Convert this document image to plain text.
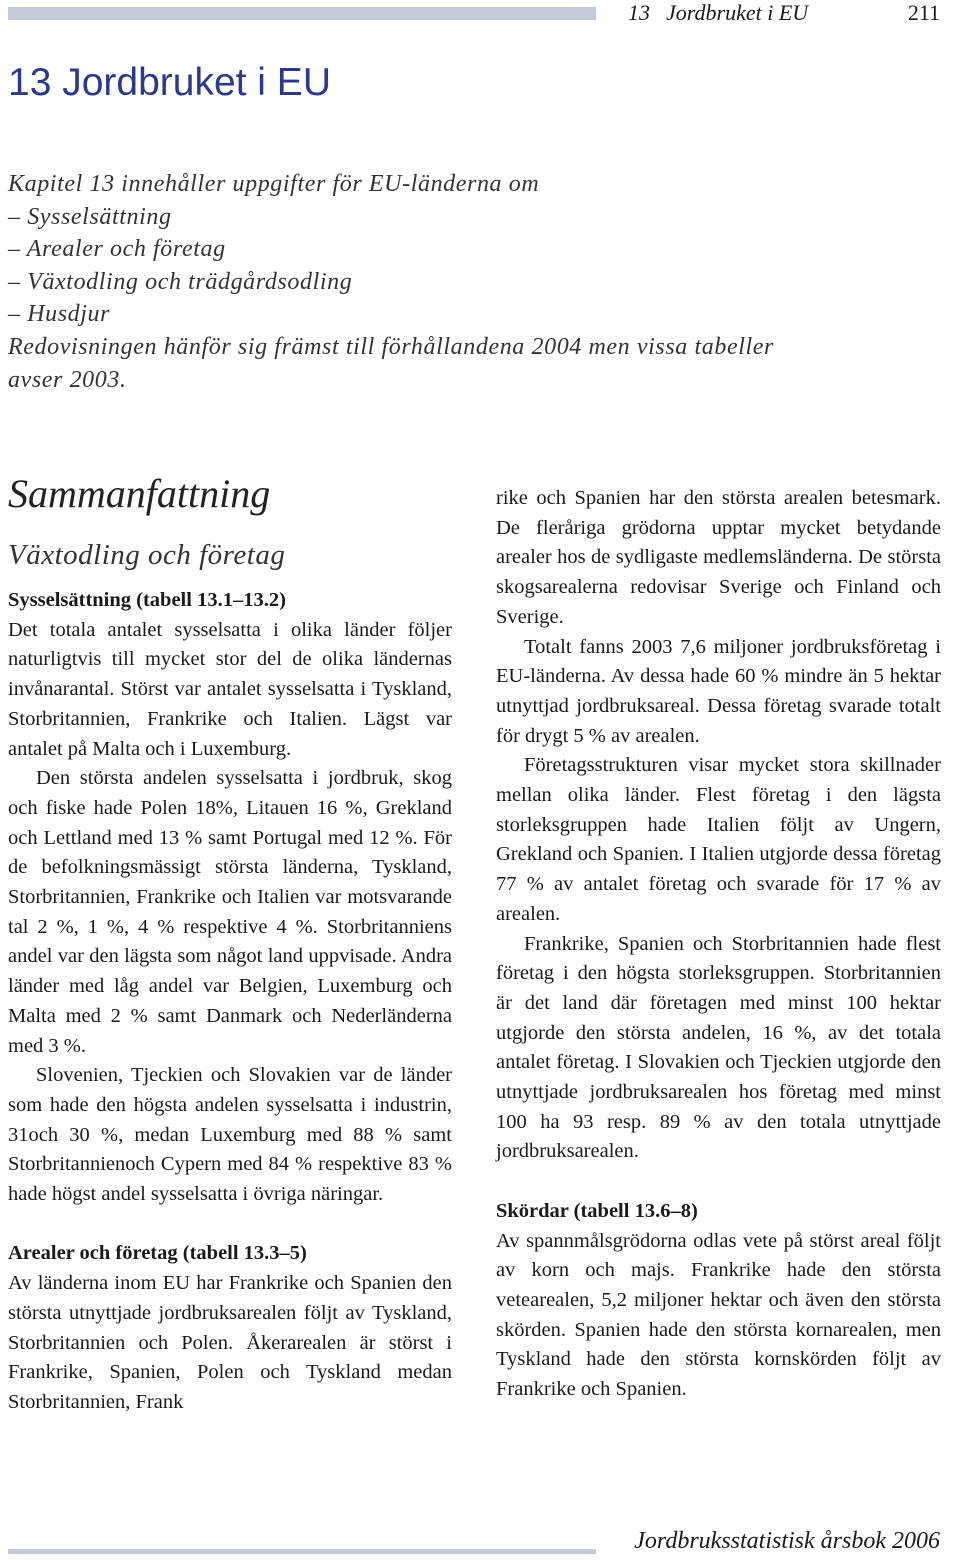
13 Jordbruket i EU	211
13 Jordbruket i EU
Kapitel 13 innehåller uppgifter för EU-länderna om
– Sysselsättning
– Arealer och företag
– Växtodling och trädgårdsodling
– Husdjur
Redovisningen hänför sig främst till förhållandena 2004 men vissa tabeller
avser 2003.
Sammanfattning
Växtodling och företag
Sysselsättning (tabell 13.1–13.2)

Det totala antalet sysselsatta i olika länder följer naturligtvis till mycket stor del de olika ländernas invånarantal. Störst var antalet sysselsatta i Tyskland, Storbritannien, Frankrike och Italien. Lägst var antalet på Malta och i Luxemburg.

Den största andelen sysselsatta i jordbruk, skog och fiske hade Polen 18%, Litauen 16 %, Grekland och Lettland med 13 % samt Portugal med 12 %. För de befolkningsmässigt största länderna, Tyskland, Storbritannien, Frankrike och Italien var motsvarande tal 2 %, 1 %, 4 % respektive 4 %. Storbritanniens andel var den lägsta som något land uppvisade. Andra länder med låg andel var Belgien, Luxemburg och Malta med 2 % samt Danmark och Nederländerna med 3 %.

Slovenien, Tjeckien och Slovakien var de länder som hade den högsta andelen sysselsatta i industrin, 31och 30 %, medan Luxemburg med 88 % samt Storbritannienoch Cypern med 84 % respektive 83 % hade högst andel sysselsatta i övriga näringar.

Arealer och företag (tabell 13.3–5)

Av länderna inom EU har Frankrike och Spanien den största utnyttjade jordbruksarealen följt av Tyskland, Storbritannien och Polen. Åkerarealen är störst i Frankrike, Spanien, Polen och Tyskland medan Storbritannien, Frank

rike och Spanien har den största arealen betesmark. De fleråriga grödorna upptar mycket betydande arealer hos de sydligaste medlemsländerna. De största skogsarealerna redovisar Sverige och Finland och Sverige.

Totalt fanns 2003 7,6 miljoner jordbruksföretag i EU-länderna. Av dessa hade 60 % mindre än 5 hektar utnyttjad jordbruksareal. Dessa företag svarade totalt för drygt 5 % av arealen.

Företagsstrukturen visar mycket stora skillnader mellan olika länder. Flest företag i den lägsta storleksgruppen hade Italien följt av Ungern, Grekland och Spanien. I Italien utgjorde dessa företag 77 % av antalet företag och svarade för 17 % av arealen.

Frankrike, Spanien och Storbritannien hade flest företag i den högsta storleksgruppen. Storbritannien är det land där företagen med minst 100 hektar utgjorde den största andelen, 16 %, av det totala antalet företag. I Slovakien och Tjeckien utgjorde den utnyttjade jordbruksarealen hos företag med minst 100 ha 93 resp. 89 % av den totala utnyttjade jordbruksarealen.

Skördar (tabell 13.6–8)

Av spannmålsgrödorna odlas vete på störst areal följt av korn och majs. Frankrike hade den största vetearealen, 5,2 miljoner hektar och även den största skörden. Spanien hade den största kornarealen, men Tyskland hade den största kornskörden följt av Frankrike och Spanien.

Jordbruksstatistisk årsbok 2006
